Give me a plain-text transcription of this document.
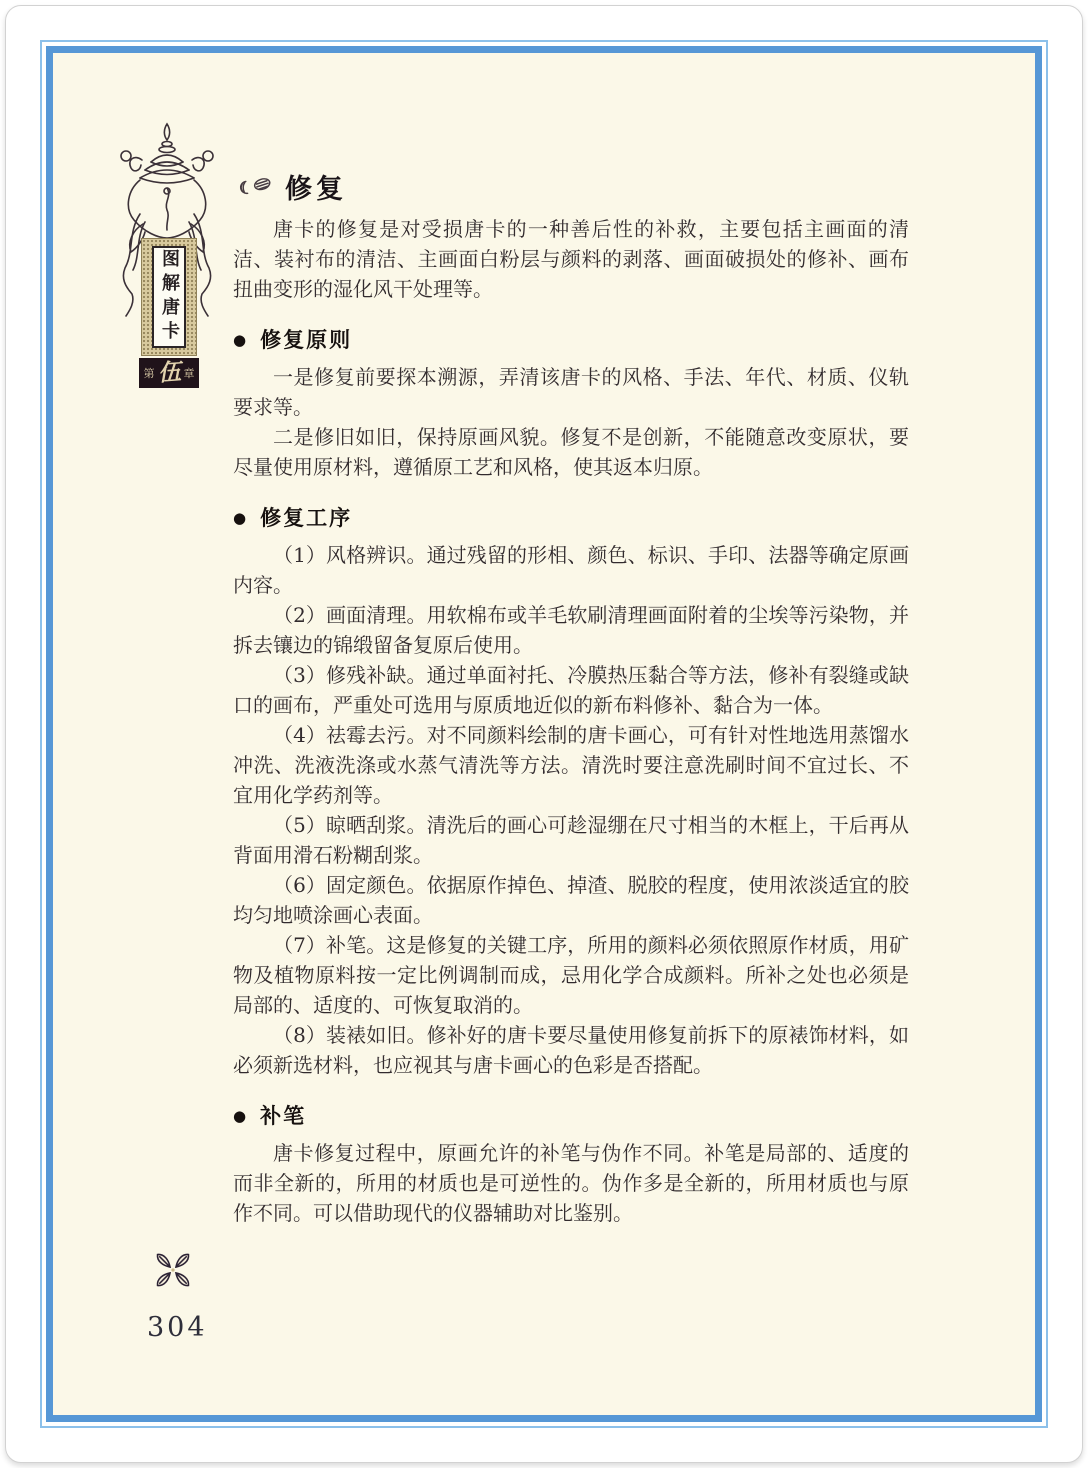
图解唐卡
第 伍 章
修复

唐卡的修复是对受损唐卡的一种善后性的补救，主要包括主画面的清洁、装衬布的清洁、主画面白粉层与颜料的剥落、画面破损处的修补、画布扭曲变形的湿化风干处理等。

● 修复原则

一是修复前要探本溯源，弄清该唐卡的风格、手法、年代、材质、仪轨要求等。

二是修旧如旧，保持原画风貌。修复不是创新，不能随意改变原状，要尽量使用原材料，遵循原工艺和风格，使其返本归原。

● 修复工序

（1）风格辨识。通过残留的形相、颜色、标识、手印、法器等确定原画内容。

（2）画面清理。用软棉布或羊毛软刷清理画面附着的尘埃等污染物，并拆去镶边的锦缎留备复原后使用。

（3）修残补缺。通过单面衬托、冷膜热压黏合等方法，修补有裂缝或缺口的画布，严重处可选用与原质地近似的新布料修补、黏合为一体。

（4）祛霉去污。对不同颜料绘制的唐卡画心，可有针对性地选用蒸馏水冲洗、洗液洗涤或水蒸气清洗等方法。清洗时要注意洗刷时间不宜过长、不宜用化学药剂等。

（5）晾晒刮浆。清洗后的画心可趁湿绷在尺寸相当的木框上，干后再从背面用滑石粉糊刮浆。

（6）固定颜色。依据原作掉色、掉渣、脱胶的程度，使用浓淡适宜的胶均匀地喷涂画心表面。

（7）补笔。这是修复的关键工序，所用的颜料必须依照原作材质，用矿物及植物原料按一定比例调制而成，忌用化学合成颜料。所补之处也必须是局部的、适度的、可恢复取消的。

（8）装裱如旧。修补好的唐卡要尽量使用修复前拆下的原裱饰材料，如必须新选材料，也应视其与唐卡画心的色彩是否搭配。

● 补笔

唐卡修复过程中，原画允许的补笔与伪作不同。补笔是局部的、适度的而非全新的，所用的材质也是可逆性的。伪作多是全新的，所用材质也与原作不同。可以借助现代的仪器辅助对比鉴别。

304
